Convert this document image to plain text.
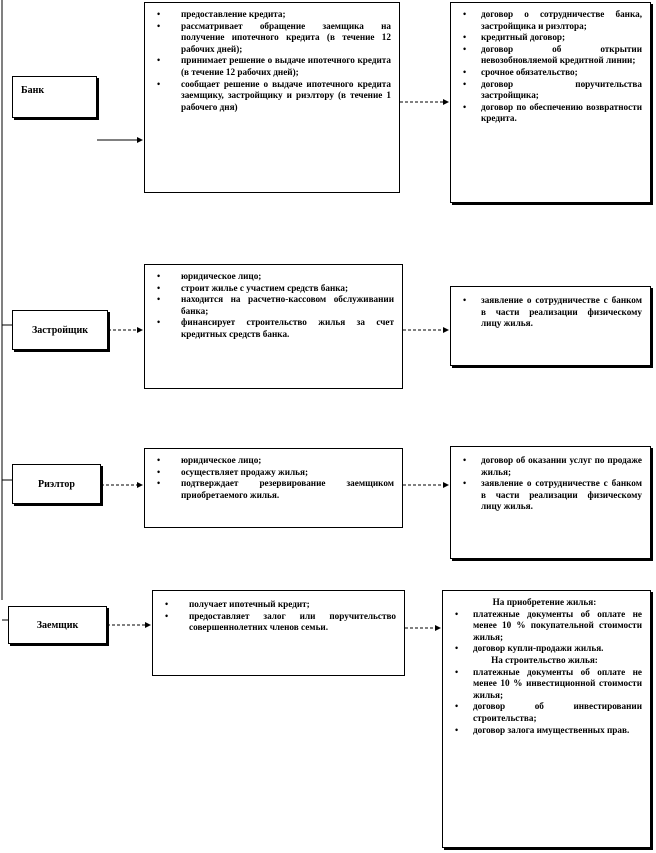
Банк
Застройщик
Риэлтор
Заемщик
• предоставление кредита;
• рассматривает обращение заемщика на получение ипотечного кредита (в течение 12 рабочих дней);
• принимает решение о выдаче ипотечного кредита (в течение 12 рабочих дней);
• сообщает решение о выдаче ипотечного кредита заемщику, застройщику и риэлтору (в течение 1 рабочего дня)
• договор о сотрудничестве банка, застройщика и риэлтора;
• кредитный договор;
• договор об открытии невозобновляемой кредитной линии;
• срочное обязательство;
• договор поручительства застройщика;
• договор по обеспечению возвратности кредита.
• юридическое лицо;
• строит жилье с участием средств банка;
• находится на расчетно-кассовом обслуживании банка;
• финансирует строительство жилья за счет кредитных средств банка.
• заявление о сотрудничестве с банком в части реализации физическому лицу жилья.
• юридическое лицо;
• осуществляет продажу жилья;
• подтверждает резервирование заемщиком приобретаемого жилья.
• договор об оказании услуг по продаже жилья;
• заявление о сотрудничестве с банком в части реализации физическому лицу жилья.
• получает ипотечный кредит;
• предоставляет залог или поручительство совершеннолетних членов семьи.
На приобретение жилья:
• платежные документы об оплате не менее 10 % покупательной стоимости жилья;
• договор купли-продажи жилья.
На строительство жилья:
• платежные документы об оплате не менее 10 % инвестиционной стоимости жилья;
• договор об инвестировании строительства;
• договор залога имущественных прав.
